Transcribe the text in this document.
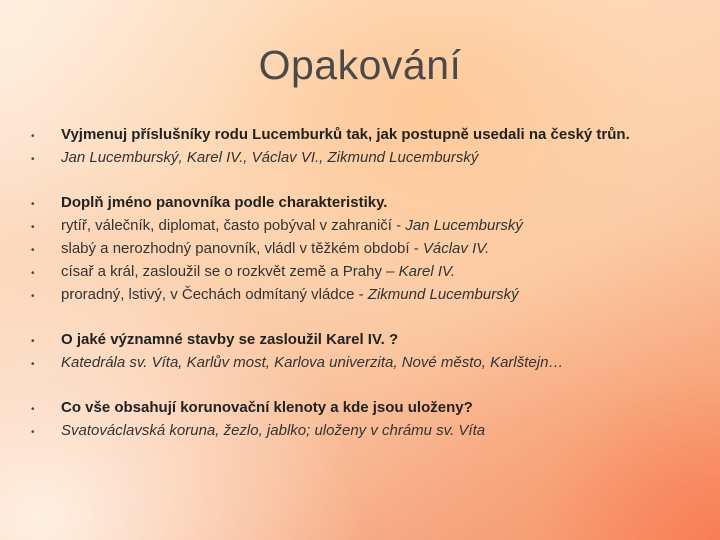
Opakování
•	Vyjmenuj příslušníky rodu Lucemburků tak, jak postupně usedali na český trůn.
•	Jan Lucemburský, Karel IV., Václav VI., Zikmund Lucemburský
•	Doplň jméno panovníka podle charakteristiky.
•	rytíř, válečník, diplomat, často pobýval v zahraničí - Jan Lucemburský
•	slabý a nerozhodný panovník, vládl v těžkém období - Václav IV.
•	císař a král, zasloužil se o rozkvět země a Prahy – Karel IV.
•	proradný, lstivý, v Čechách odmítaný vládce - Zikmund Lucemburský
•	O jaké významné stavby se zasloužil Karel IV. ?
•	Katedrála sv. Víta, Karlův most, Karlova univerzita, Nové město, Karlštejn…
•	Co vše obsahují korunovační klenoty a kde jsou uloženy?
•	Svatováclavská koruna, žezlo, jablko; uloženy v chrámu sv. Víta
